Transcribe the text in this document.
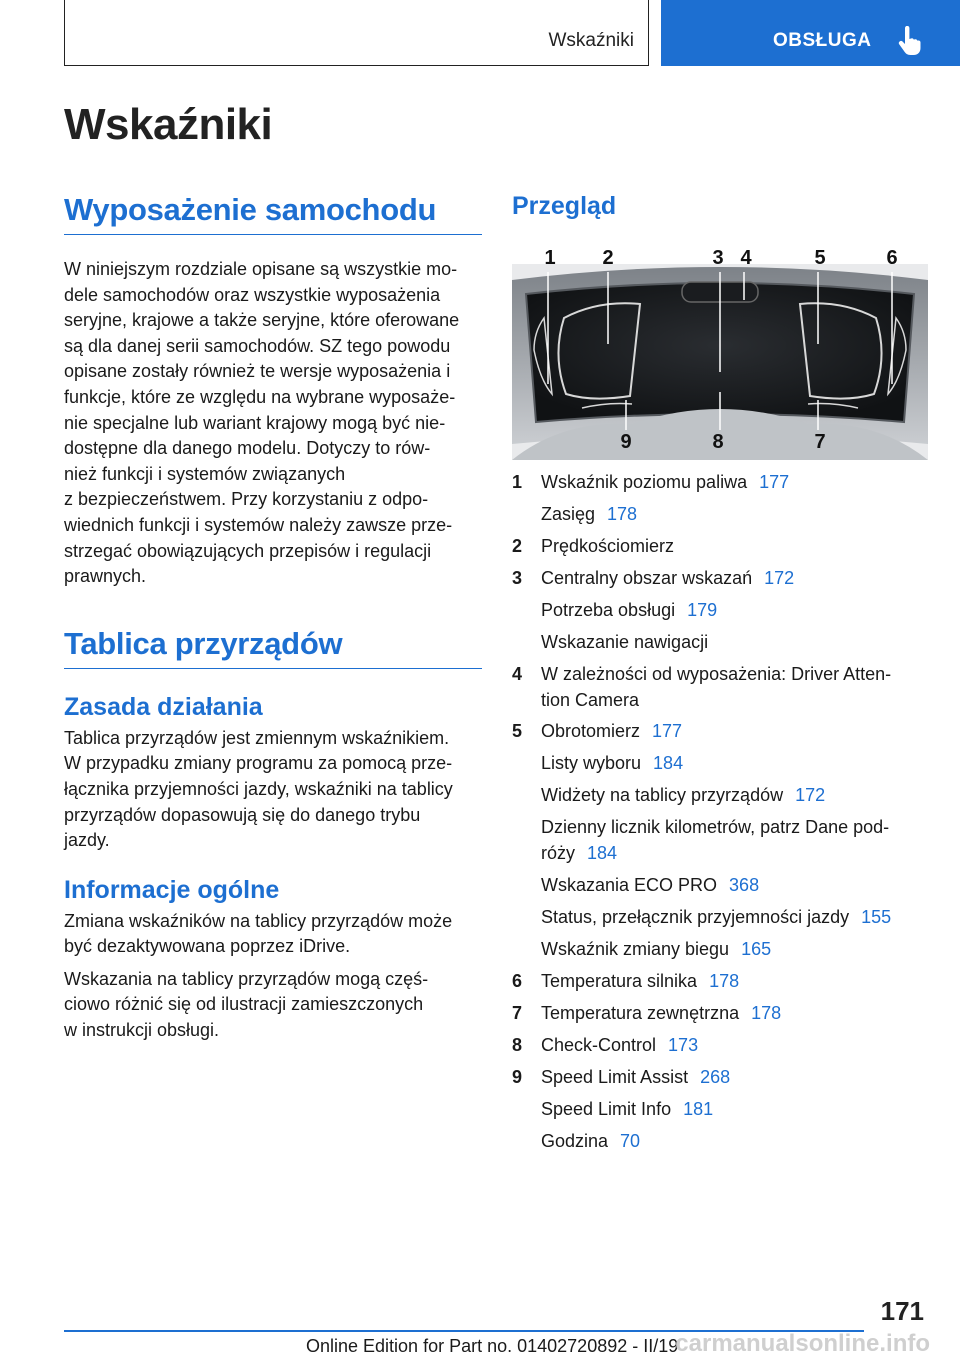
Wskaźniki	OBSŁUGA
Wskaźniki
Wyposażenie samochodu
W niniejszym rozdziale opisane są wszystkie mo-
dele samochodów oraz wszystkie wyposażenia
seryjne, krajowe a także seryjne, które oferowane
są dla danej serii samochodów. SZ tego powodu
opisane zostały również te wersje wyposażenia i
funkcje, które ze względu na wybrane wyposaże-
nie specjalne lub wariant krajowy mogą być nie-
dostępne dla danego modelu. Dotyczy to rów-
nież funkcji i systemów związanych
z bezpieczeństwem. Przy korzystaniu z odpo-
wiednich funkcji i systemów należy zawsze prze-
strzegać obowiązujących przepisów i regulacji
prawnych.
Tablica przyrządów
Zasada działania
Tablica przyrządów jest zmiennym wskaźnikiem.
W przypadku zmiany programu za pomocą prze-
łącznika przyjemności jazdy, wskaźniki na tablicy
przyrządów dopasowują się do danego trybu
jazdy.
Informacje ogólne
Zmiana wskaźników na tablicy przyrządów może
być dezaktywowana poprzez iDrive.
Wskazania na tablicy przyrządów mogą częś-
ciowo różnić się od ilustracji zamieszczonych
w instrukcji obsługi.
Przegląd
1 2	3 4	5	6
7
8
9
1	Wskaźnik poziomu paliwa 177
Zasięg 178
2	Prędkościomierz
3	Centralny obszar wskazań 172
Potrzeba obsługi 179
Wskazanie nawigacji
4	W zależności od wyposażenia: Driver Atten-
tion Camera
5	Obrotomierz 177
Listy wyboru 184
Widżety na tablicy przyrządów 172
Dzienny licznik kilometrów, patrz Dane pod-
róży 184
Wskazania ECO PRO 368
Status, przełącznik przyjemności jazdy 155
Wskaźnik zmiany biegu 165
6	Temperatura silnika 178
7	Temperatura zewnętrzna 178
8	Check-Control 173
9	Speed Limit Assist 268
Speed Limit Info 181
Godzina 70
171
Online Edition for Part no. 01402720892 - II/19
carmanualsonline.info
